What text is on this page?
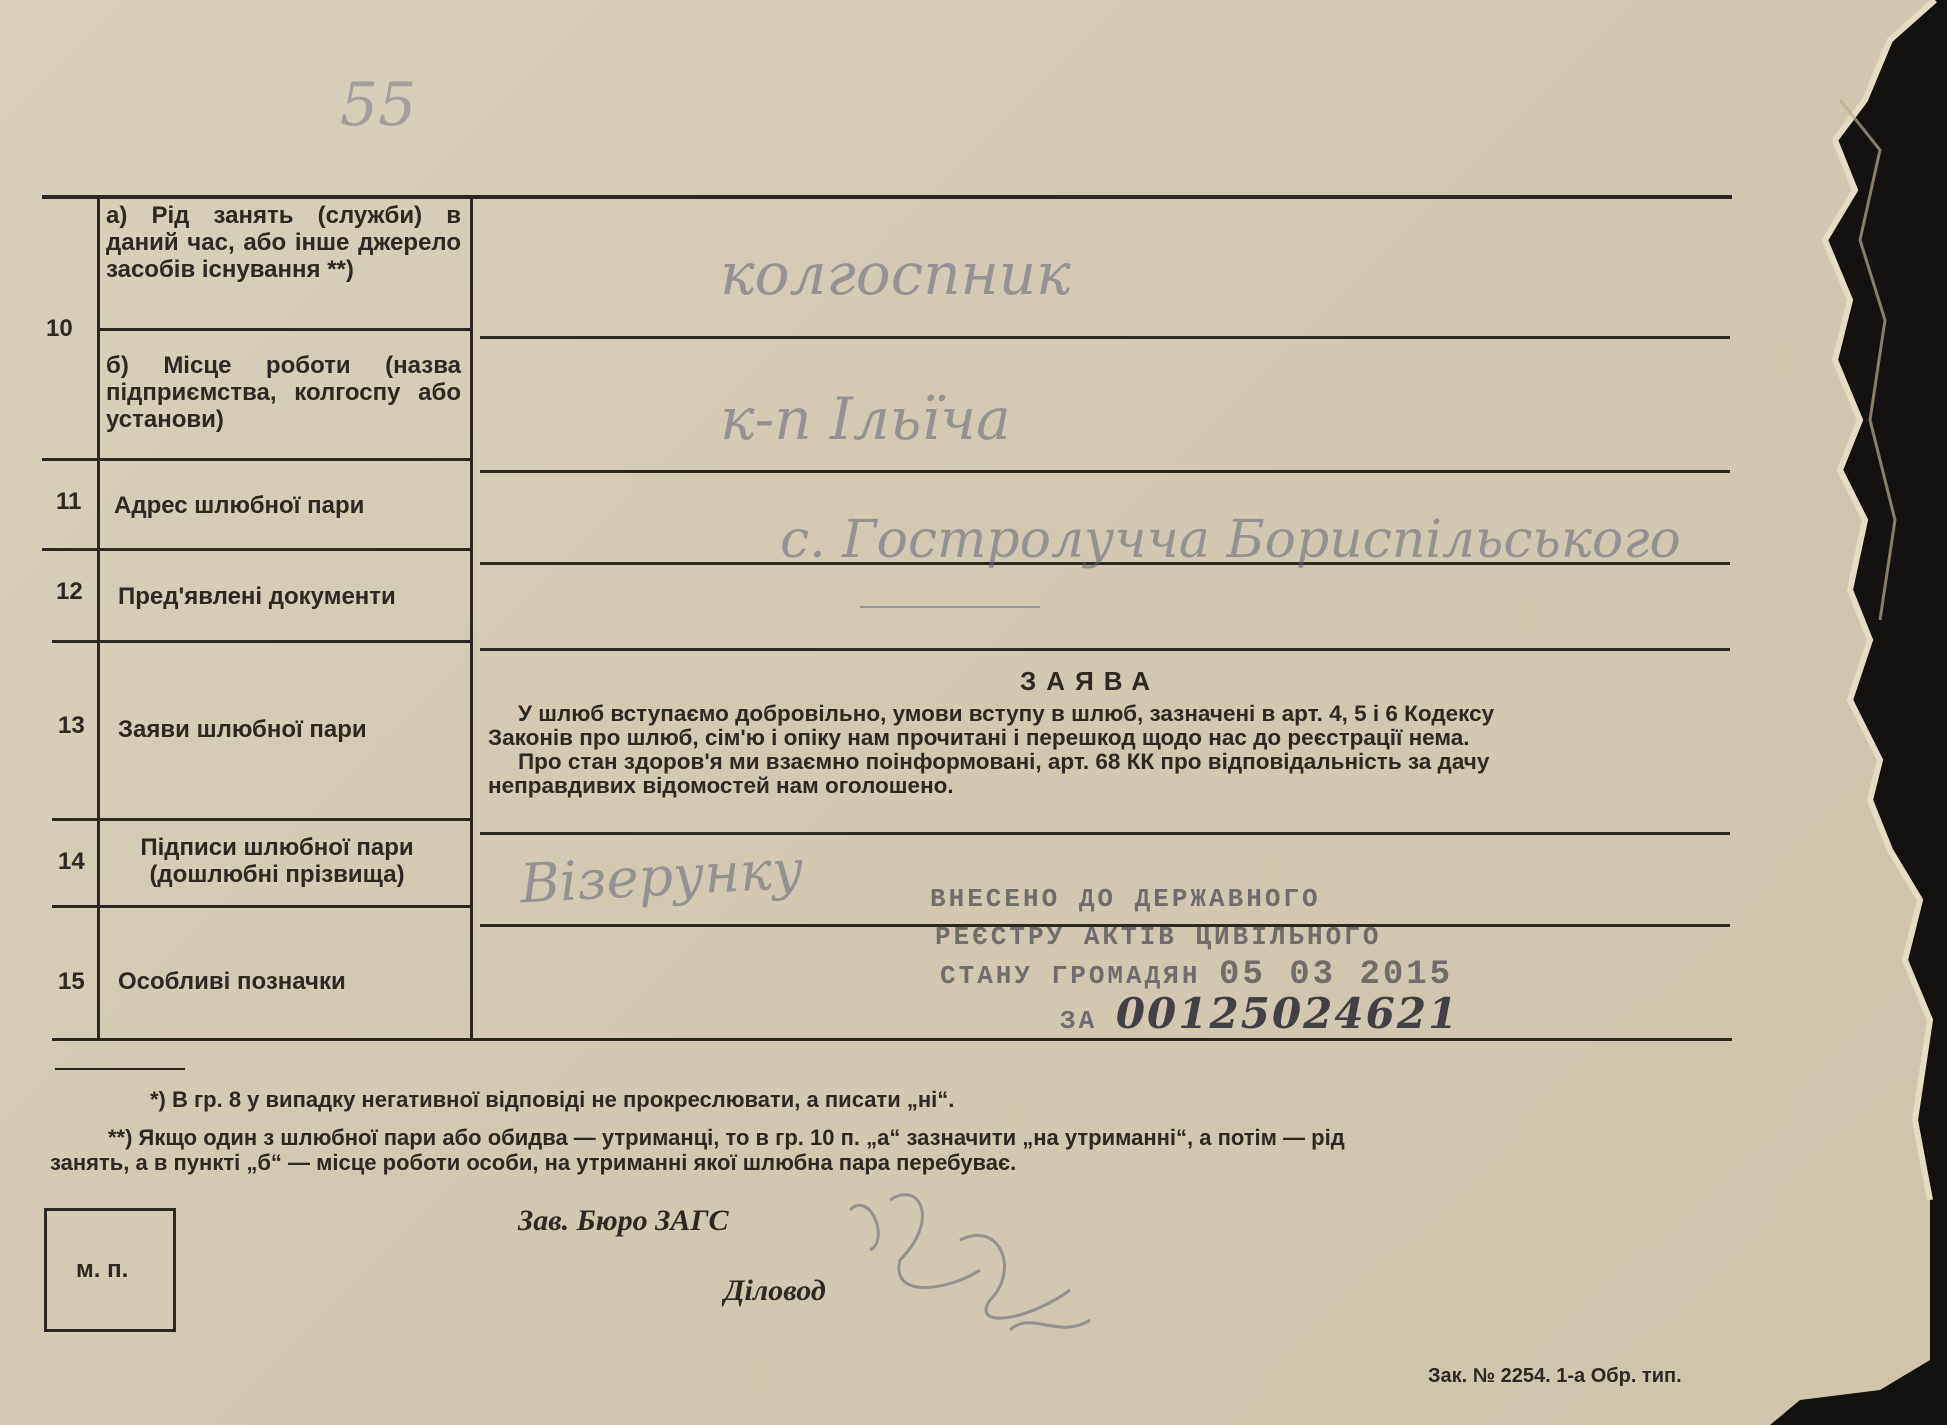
55
10
11
12
13
14
15
а) Рід занять (служби) в даний час, або інше джерело засобів існування **)
б) Місце роботи (назва підприємства, колгоспу або установи)
Адрес шлюбної пари
Пред'явлені документи
Заяви шлюбної пари
Підписи шлюбної пари (дошлюбні прізвища)
Особливі позначки
колгоспник
к-п Ільїча
с. Гостролучча Бориспільського
Візерунку
ЗАЯВА
У шлюб вступаємо добровільно, умови вступу в шлюб, зазначені в арт. 4, 5 і 6 Кодексу
Законів про шлюб, сім'ю і опіку нам прочитані і перешкод щодо нас до реєстрації нема.
Про стан здоров'я ми взаємно поінформовані, арт. 68 КК про відповідальність за дачу
неправдивих відомостей нам оголошено.
ВНЕСЕНО ДО ДЕРЖАВНОГО
РЕЄСТРУ АКТІВ ЦИВІЛЬНОГО
СТАНУ ГРОМАДЯН 05 03 2015
ЗА 00125024621
*) В гр. 8 у випадку негативної відповіді не прокреслювати, а писати „ні“.
**) Якщо один з шлюбної пари або обидва — утриманці, то в гр. 10 п. „а“ зазначити „на утриманні“, а потім — рід
занять, а в пункті „б“ — місце роботи особи, на утриманні якої шлюбна пара перебуває.
м. п.
Зав. Бюро ЗАГС
Діловод
Зак. № 2254. 1-а Обр. тип.
